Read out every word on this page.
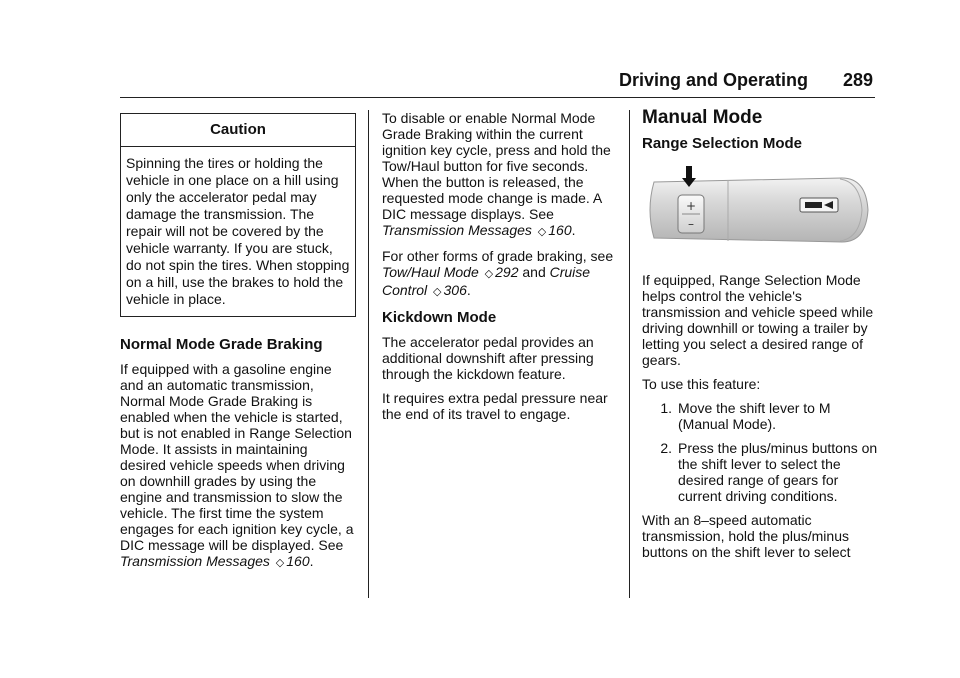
Driving and Operating 289
Caution
Spinning the tires or holding the vehicle in one place on a hill using only the accelerator pedal may damage the transmission. The repair will not be covered by the vehicle warranty. If you are stuck, do not spin the tires. When stopping on a hill, use the brakes to hold the vehicle in place.
Normal Mode Grade Braking

If equipped with a gasoline engine and an automatic transmission, Normal Mode Grade Braking is enabled when the vehicle is started, but is not enabled in Range Selection Mode. It assists in maintaining desired vehicle speeds when driving on downhill grades by using the engine and transmission to slow the vehicle. The first time the system engages for each ignition key cycle, a DIC message will be displayed. See Transmission Messages ◇ 160.

To disable or enable Normal Mode Grade Braking within the current ignition key cycle, press and hold the Tow/Haul button for five seconds. When the button is released, the requested mode change is made. A DIC message displays. See Transmission Messages ◇ 160.

For other forms of grade braking, see Tow/Haul Mode ◇ 292 and Cruise Control ◇ 306.

Kickdown Mode

The accelerator pedal provides an additional downshift after pressing through the kickdown feature.

It requires extra pedal pressure near the end of its travel to engage.

Manual Mode
Range Selection Mode
+
–

If equipped, Range Selection Mode helps control the vehicle's transmission and vehicle speed while driving downhill or towing a trailer by letting you select a desired range of gears.

To use this feature:

1. Move the shift lever to M (Manual Mode).
2. Press the plus/minus buttons on the shift lever to select the desired range of gears for current driving conditions.

With an 8–speed automatic transmission, hold the plus/minus buttons on the shift lever to select
